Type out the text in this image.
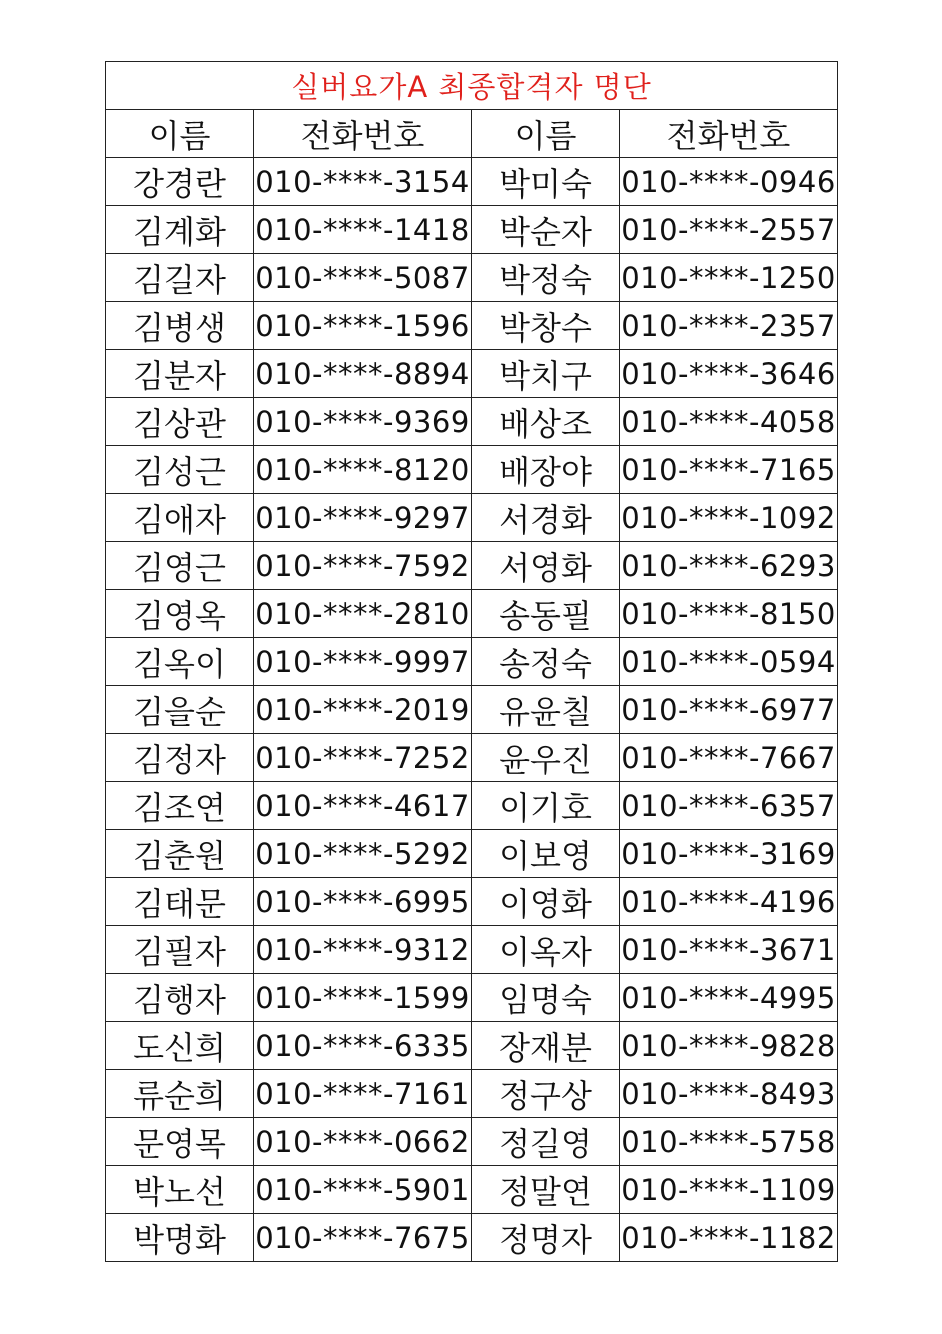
실버요가A 최종합격자 명단			
이름	전화번호	이름	전화번호
강경란	010-****-3154	박미숙	010-****-0946
김계화	010-****-1418	박순자	010-****-2557
김길자	010-****-5087	박정숙	010-****-1250
김병생	010-****-1596	박창수	010-****-2357
김분자	010-****-8894	박치구	010-****-3646
김상관	010-****-9369	배상조	010-****-4058
김성근	010-****-8120	배장야	010-****-7165
김애자	010-****-9297	서경화	010-****-1092
김영근	010-****-7592	서영화	010-****-6293
김영옥	010-****-2810	송동필	010-****-8150
김옥이	010-****-9997	송정숙	010-****-0594
김을순	010-****-2019	유윤칠	010-****-6977
김정자	010-****-7252	윤우진	010-****-7667
김조연	010-****-4617	이기호	010-****-6357
김춘원	010-****-5292	이보영	010-****-3169
김태문	010-****-6995	이영화	010-****-4196
김필자	010-****-9312	이옥자	010-****-3671
김행자	010-****-1599	임명숙	010-****-4995
도신희	010-****-6335	장재분	010-****-9828
류순희	010-****-7161	정구상	010-****-8493
문영목	010-****-0662	정길영	010-****-5758
박노선	010-****-5901	정말연	010-****-1109
박명화	010-****-7675	정명자	010-****-1182
